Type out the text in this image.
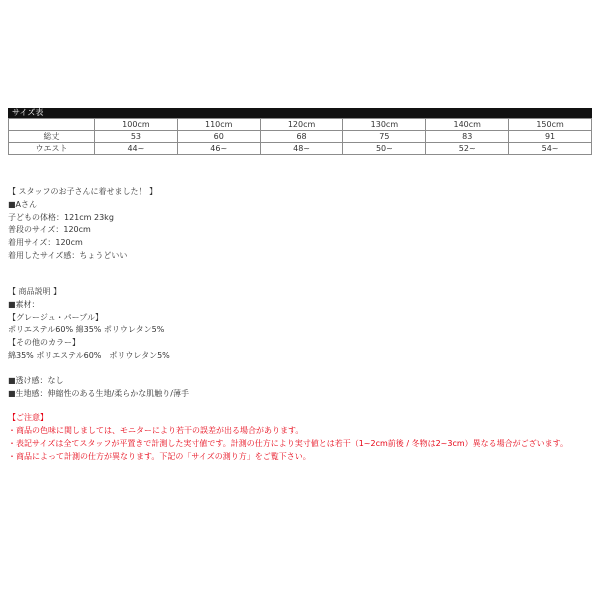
サイズ表
	100cm	110cm	120cm	130cm	140cm	150cm
総丈	53	60	68	75	83	91
ウエスト	44~	46~	48~	50~	52~	54~
【 スタッフのお子さんに着せました！ 】
■Aさん
子どもの体格：121cm 23kg
普段のサイズ：120cm
着用サイズ：120cm
着用したサイズ感：ちょうどいい
【 商品説明 】
■素材：
【グレージュ・パープル】
ポリエステル60% 綿35% ポリウレタン5%
【その他のカラー】
綿35% ポリエステル60%　ポリウレタン5%
■透け感：なし
■生地感：伸縮性のある生地/柔らかな肌触り/薄手
【ご注意】
・商品の色味に関しましては、モニターにより若干の誤差が出る場合があります。
・表記サイズは全てスタッフが平置きで計測した実寸値です。計測の仕方により実寸値とは若干（1~2cm前後 / 冬物は2~3cm）異なる場合がございます。
・商品によって計測の仕方が異なります。下記の「サイズの測り方」をご覧下さい。
